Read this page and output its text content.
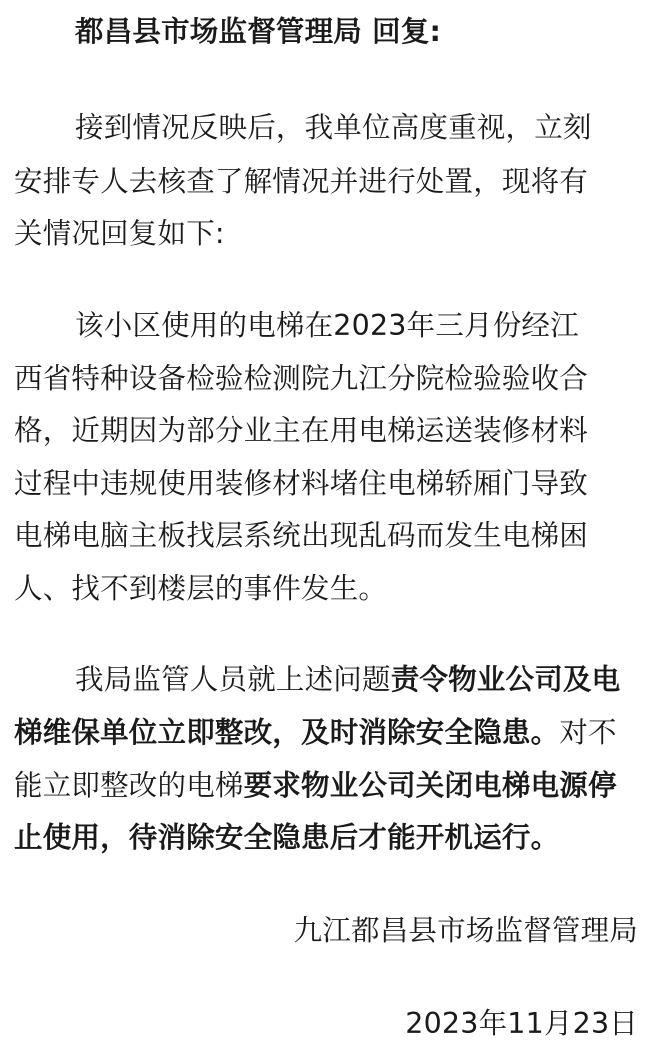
都昌县市场监督管理局 回复:
接到情况反映后，我单位高度重视，立刻
安排专人去核查了解情况并进行处置，现将有
关情况回复如下:
该小区使用的电梯在2023年三月份经江
西省特种设备检验检测院九江分院检验验收合
格，近期因为部分业主在用电梯运送装修材料
过程中违规使用装修材料堵住电梯轿厢门导致
电梯电脑主板找层系统出现乱码而发生电梯困
人、找不到楼层的事件发生。
我局监管人员就上述问题责令物业公司及电
梯维保单位立即整改，及时消除安全隐患。对不
能立即整改的电梯要求物业公司关闭电梯电源停
止使用，待消除安全隐患后才能开机运行。
九江都昌县市场监督管理局
2023年11月23日
